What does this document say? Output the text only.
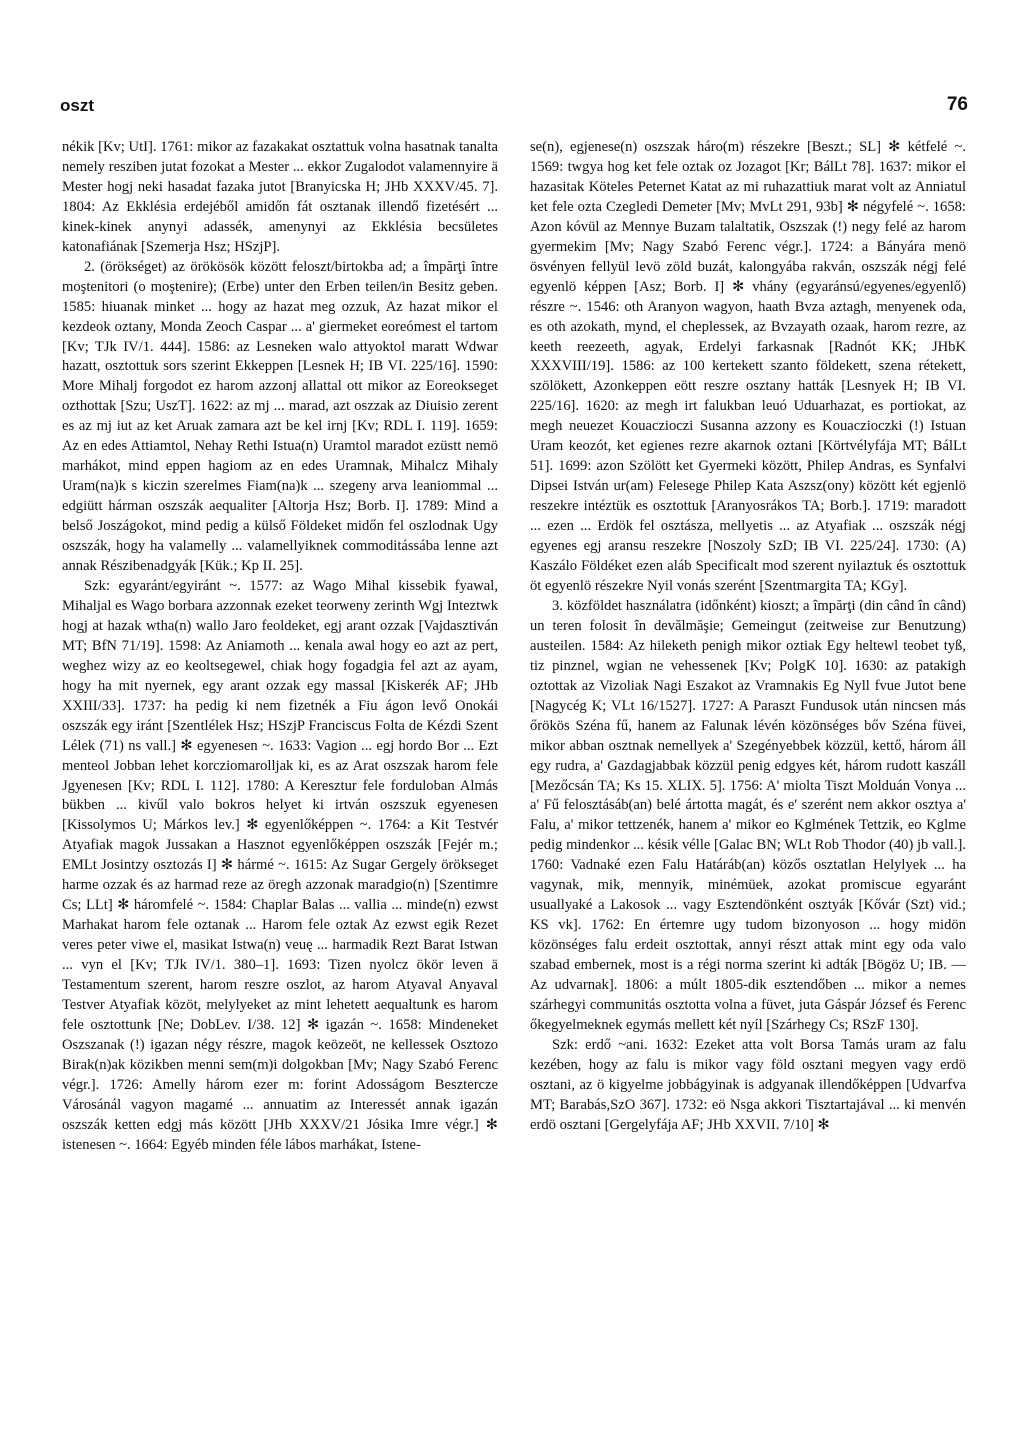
oszt	76

nékik [Kv; UtI]. 1761: mikor az fazakakat osztattuk volna hasatnak tanalta nemely resziben jutat fozokat a Mester ... ekkor Zugalodot valamennyire ä Mester hogj neki hasadat fazaka jutot [Branyicska H; JHb XXXV/45. 7]. 1804: Az Ekklésia erdejéből amidőn fát osztanak illendő fizetésért ... kinek-kinek anynyi adassék, amenynyi az Ekklésia becsületes katonafiának [Szemerja Hsz; HSzjP].

2. (örökséget) az örökösök között feloszt/birtokba ad; a împărţi între moştenitori (o moştenire); (Erbe) unter den Erben teilen/in Besitz geben. 1585: hiuanak minket ... hogy az hazat meg ozzuk, Az hazat mikor el kezdeok oztany, Monda Zeoch Caspar ... a' giermeket eoreómest el tartom [Kv; TJk IV/1. 444]. 1586: az Lesneken walo attyoktol maratt Wdwar hazatt, osztottuk sors szerint Ekkeppen [Lesnek H; IB VI. 225/16]. 1590: More Mihalj forgodot ez harom azzonj allattal ott mikor az Eoreokseget ozthottak [Szu; UszT]. 1622: az mj ... marad, azt oszzak az Diuisio zerent es az mj iut az ket Aruak zamara azt be kel irnj [Kv; RDL I. 119]. 1659: Az en edes Attiamtol, Nehay Rethi Istua(n) Uramtol maradot ezüstt nemö marhákot, mind eppen hagiom az en edes Uramnak, Mihalcz Mihaly Uram(na)k s kiczin szerelmes Fiam(na)k ... szegeny arva leaniommal ... edgiütt hárman oszszák aequaliter [Altorja Hsz; Borb. I]. 1789: Mind a belső Joszágokot, mind pedig a külső Földeket midőn fel oszlodnak Ugy oszszák, hogy ha valamelly ... valamellyiknek commoditássába lenne azt annak Részibenadgyák [Kük.; Kp II. 25].

Szk: egyaránt/egyiránt ~. 1577: az Wago Mihal kissebik fyawal, Mihaljal es Wago borbara azzonnak ezeket teorweny zerinth Wgj Inteztwk hogj at hazak wtha(n) wallo Jaro feoldeket, egj arant ozzak [Vajdasztiván MT; BfN 71/19]. 1598: Az Aniamoth ... kenala awal hogy eo azt az pert, weghez wizy az eo keoltsegewel, chiak hogy fogadgia fel azt az ayam, hogy ha mit nyernek, egy arant ozzak egy massal [Kiskerék AF; JHb XXIII/33]. 1737: ha pedig ki nem fizetnék a Fiu ágon levő Onokái oszszák egy iránt [Szentlélek Hsz; HSzjP Franciscus Folta de Kézdi Szent Lélek (71) ns vall.] ✻ egyenesen ~. 1633: Vagion ... egj hordo Bor ... Ezt menteol Jobban lehet korcziomarolljak ki, es az Arat oszszak harom fele Jgyenesen [Kv; RDL I. 112]. 1780: A Keresztur fele forduloban Almás bükben ... kivűl valo bokros helyet ki irtván oszszuk egyenesen [Kissolymos U; Márkos lev.] ✻ egyenlőképpen ~. 1764: a Kit Testvér Atyafiak magok Jussakan a Hasznot egyenlőképpen oszszák [Fejér m.; EMLt Josintzy osztozás I] ✻ hármé ~. 1615: Az Sugar Gergely örökseget harme ozzak és az harmad reze az öregh azzonak maradgio(n) [Szentimre Cs; LLt] ✻ háromfelé ~. 1584: Chaplar Balas ... vallia ... minde(n) ezwst Marhakat harom fele oztanak ... Harom fele oztak Az ezwst egik Rezet veres peter viwe el, masikat Istwa(n) veuę ... harmadik Rezt Barat Istwan ... vyn el [Kv; TJk IV/1. 380–1]. 1693: Tizen nyolcz ökör leven ä Testamentum szerent, harom reszre oszlot, az harom Atyaval Anyaval Testver Atyafiak közöt, melylyeket az mint lehetett aequaltunk es harom fele osztottunk [Ne; DobLev. I/38. 12] ✻ igazán ~. 1658: Mindeneket Oszszanak (!) igazan négy részre, magok keözeöt, ne kellessek Osztozo Birak(n)ak közikben menni sem(m)i dolgokban [Mv; Nagy Szabó Ferenc végr.]. 1726: Amelly három ezer m: forint Adosságom Besztercze Városánál vagyon magamé ... annuatim az Interessét annak igazán oszszák ketten edgj más között [JHb XXXV/21 Jósika Imre végr.] ✻ istenesen ~. 1664: Egyéb minden féle lábos marhákat, Istene-

se(n), egjenese(n) oszszak háro(m) részekre [Beszt.; SL] ✻ kétfelé ~. 1569: twgya hog ket fele oztak oz Jozagot [Kr; BálLt 78]. 1637: mikor el hazasitak Köteles Peternet Katat az mi ruhazattiuk marat volt az Anniatul ket fele ozta Czegledi Demeter [Mv; MvLt 291, 93b] ✻ négyfelé ~. 1658: Azon kóvül az Mennye Buzam talaltatik, Oszszak (!) negy felé az harom gyermekim [Mv; Nagy Szabó Ferenc végr.]. 1724: a Bányára menö ösvényen fellyül levö zöld buzát, kalongyába rakván, oszszák négj felé egyenlö képpen [Asz; Borb. I] ✻ vhány (egyaránsú/egyenes/egyenlő) részre ~. 1546: oth Aranyon wagyon, haath Bvza aztagh, menyenek oda, es oth azokath, mynd, el cheplessek, az Bvzayath ozaak, harom rezre, az keeth reezeeth, agyak, Erdelyi farkasnak [Radnót KK; JHbK XXXVIII/19]. 1586: az 100 kertekett szanto földekett, szena rétekett, szölökett, Azonkeppen eött reszre osztany hatták [Lesnyek H; IB VI. 225/16]. 1620: az megh irt falukban leuó Uduarhazat, es portiokat, az megh neuezet Kouaczioczi Susanna azzony es Kouaczioczki (!) Istuan Uram keozót, ket egienes rezre akarnok oztani [Körtvélyfája MT; BálLt 51]. 1699: azon Szölött ket Gyermeki között, Philep Andras, es Synfalvi Dipsei István ur(am) Felesege Philep Kata Aszsz(ony) között két egjenlö reszekre intéztük es osztottuk [Aranyosrákos TA; Borb.]. 1719: maradott ... ezen ... Erdök fel osztásza, mellyetis ... az Atyafiak ... oszszák négj egyenes egj aransu reszekre [Noszoly SzD; IB VI. 225/24]. 1730: (A) Kaszálo Földéket ezen aláb Specificalt mod szerent nyilaztuk és osztottuk öt egyenlö részekre Nyil vonás szerént [Szentmargita TA; KGy].

3. közföldet használatra (időnként) kioszt; a împărţi (din când în când) un teren folosit în devălmăşie; Gemeingut (zeitweise zur Benutzung) austeilen. 1584: Az hileketh penigh mikor oztiak Egy heltewl teobet tyß, tiz pinznel, wgian ne vehessenek [Kv; PolgK 10]. 1630: az patakigh oztottak az Vizoliak Nagi Eszakot az Vramnakis Eg Nyll fvue Jutot bene [Nagycég K; VLt 16/1527]. 1727: A Paraszt Fundusok után nincsen más őrökös Széna fű, hanem az Falunak lévén közönséges bőv Széna füvei, mikor abban osztnak nemellyek a' Szegényebbek közzül, kettő, három áll egy rudra, a' Gazdagjabbak közzül penig edgyes két, három rudott kaszáll [Mezőcsán TA; Ks 15. XLIX. 5]. 1756: A' miolta Tiszt Molduán Vonya ... a' Fű felosztásáb(an) belé ártotta magát, és e' szerént nem akkor osztya a' Falu, a' mikor tettzenék, hanem a' mikor eo Kglmének Tettzik, eo Kglme pedig mindenkor ... késik vélle [Galac BN; WLt Rob Thodor (40) jb vall.]. 1760: Vadnaké ezen Falu Határáb(an) közős osztatlan Helylyek ... ha vagynak, mik, mennyik, minémüek, azokat promiscue egyaránt usuallyaké a Lakosok ... vagy Esztendönként osztyák [Kővár (Szt) vid.; KS vk]. 1762: En értemre ugy tudom bizonyoson ... hogy midön közönséges falu erdeit osztottak, annyi részt attak mint egy oda valo szabad embernek, most is a régi norma szerint ki adták [Bögöz U; IB. — Az udvarnak]. 1806: a múlt 1805-dik esztendőben ... mikor a nemes szárhegyi communitás osztotta volna a füvet, juta Gáspár József és Ferenc őkegyelmeknek egymás mellett két nyíl [Szárhegy Cs; RSzF 130].

Szk: erdő ~ani. 1632: Ezeket atta volt Borsa Tamás uram az falu kezében, hogy az falu is mikor vagy föld osztani megyen vagy erdö osztani, az ö kigyelme jobbágyinak is adgyanak illendőképpen [Udvarfva MT; Barabás,SzO 367]. 1732: eö Nsga akkori Tisztartajával ... ki menvén erdö osztani [Gergelyfája AF; JHb XXVII. 7/10] ✻
